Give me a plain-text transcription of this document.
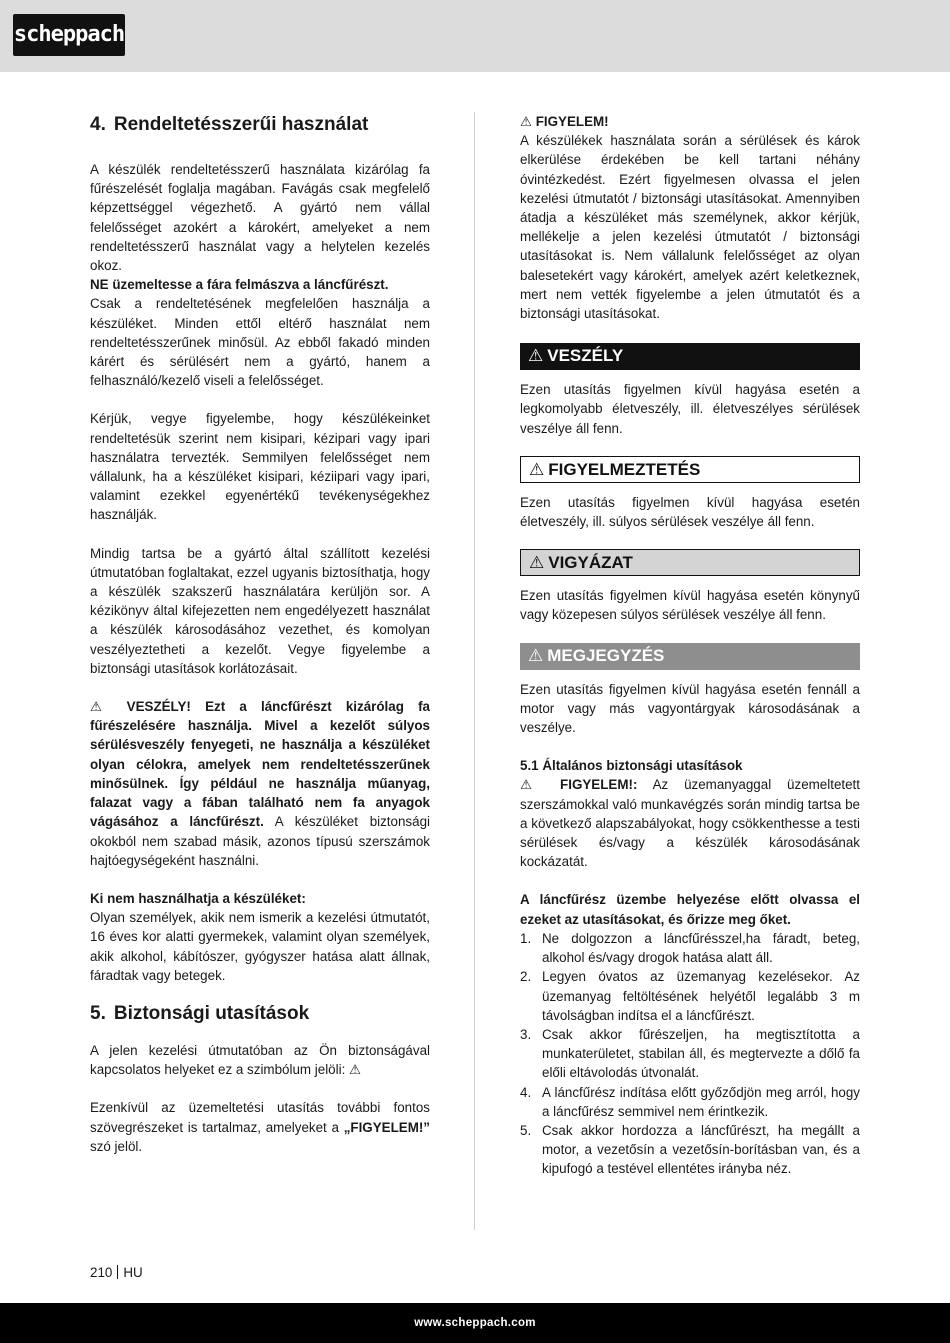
scheppach
4. Rendeltetésszerűi használat

A készülék rendeltetésszerű használata kizárólag fa fűrészelését foglalja magában. Favágás csak megfelelő képzettséggel végezhető. A gyártó nem vállal felelősséget azokért a károkért, amelyeket a nem rendeltetésszerű használat vagy a helytelen kezelés okoz.

NE üzemeltesse a fára felmászva a láncfűrészt.

Csak a rendeltetésének megfelelően használja a készüléket. Minden ettől eltérő használat nem rendeltetésszerűnek minősül. Az ebből fakadó minden kárért és sérülésért nem a gyártó, hanem a felhasználó/kezelő viseli a felelősséget.

Kérjük, vegye figyelembe, hogy készülékeinket rendeltetésük szerint nem kisipari, kézipari vagy ipari használatra tervezték. Semmilyen felelősséget nem vállalunk, ha a készüléket kisipari, kéziipari vagy ipari, valamint ezekkel egyenértékű tevékenységekhez használják.

Mindig tartsa be a gyártó által szállított kezelési útmutatóban foglaltakat, ezzel ugyanis biztosíthatja, hogy a készülék szakszerű használatára kerüljön sor. A kézikönyv által kifejezetten nem engedélyezett használat a készülék károsodásához vezethet, és komolyan veszélyeztetheti a kezelőt. Vegye figyelembe a biztonsági utasítások korlátozásait.

⚠ VESZÉLY! Ezt a láncfűrészt kizárólag fa fűrészelésére használja. Mivel a kezelőt súlyos sérülésveszély fenyegeti, ne használja a készüléket olyan célokra, amelyek nem rendeltetésszerűnek minősülnek. Így például ne használja műanyag, falazat vagy a fában található nem fa anyagok vágásához a láncfűrészt. A készüléket biztonsági okokból nem szabad másik, azonos típusú szerszámok hajtóegységeként használni.

Ki nem használhatja a készüléket:

Olyan személyek, akik nem ismerik a kezelési útmutatót, 16 éves kor alatti gyermekek, valamint olyan személyek, akik alkohol, kábítószer, gyógyszer hatása alatt állnak, fáradtak vagy betegek.

5. Biztonsági utasítások

A jelen kezelési útmutatóban az Ön biztonságával kapcsolatos helyeket ez a szimbólum jelöli: ⚠

Ezenkívül az üzemeltetési utasítás további fontos szövegrészeket is tartalmaz, amelyeket a „FIGYELEM!” szó jelöl.

⚠ FIGYELEM!

A készülékek használata során a sérülések és károk elkerülése érdekében be kell tartani néhány óvintézkedést. Ezért figyelmesen olvassa el jelen kezelési útmutatót / biztonsági utasításokat. Amennyiben átadja a készüléket más személynek, akkor kérjük, mellékelje a jelen kezelési útmutatót / biztonsági utasításokat is. Nem vállalunk felelősséget az olyan balesetekért vagy károkért, amelyek azért keletkeznek, mert nem vették figyelembe a jelen útmutatót és a biztonsági utasításokat.

⚠ VESZÉLY

Ezen utasítás figyelmen kívül hagyása esetén a legkomolyabb életveszély, ill. életveszélyes sérülések veszélye áll fenn.

⚠ FIGYELMEZTETÉS

Ezen utasítás figyelmen kívül hagyása esetén életveszély, ill. súlyos sérülések veszélye áll fenn.

⚠ VIGYÁZAT

Ezen utasítás figyelmen kívül hagyása esetén könynyű vagy közepesen súlyos sérülések veszélye áll fenn.

⚠ MEGJEGYZÉS

Ezen utasítás figyelmen kívül hagyása esetén fennáll a motor vagy más vagyontárgyak károsodásának a veszélye.

5.1 Általános biztonsági utasítások

⚠ FIGYELEM!: Az üzemanyaggal üzemeltetett szerszámokkal való munkavégzés során mindig tartsa be a következő alapszabályokat, hogy csökkenthesse a testi sérülések és/vagy a készülék károsodásának kockázatát.

A láncfűrész üzembe helyezése előtt olvassa el ezeket az utasításokat, és őrizze meg őket.

1. Ne dolgozzon a láncfűrésszel,ha fáradt, beteg, alkohol és/vagy drogok hatása alatt áll.
2. Legyen óvatos az üzemanyag kezelésekor. Az üzemanyag feltöltésének helyétől legalább 3 m távolságban indítsa el a láncfűrészt.
3. Csak akkor fűrészeljen, ha megtisztította a munkaterületet, stabilan áll, és megtervezte a dőlő fa előli eltávolodás útvonalát.
4. A láncfűrész indítása előtt győződjön meg arról, hogy a láncfűrész semmivel nem érintkezik.
5. Csak akkor hordozza a láncfűrészt, ha megállt a motor, a vezetősín a vezetősín-borításban van, és a kipufogó a testével ellentétes irányba néz.
210 HU
www.scheppach.com
